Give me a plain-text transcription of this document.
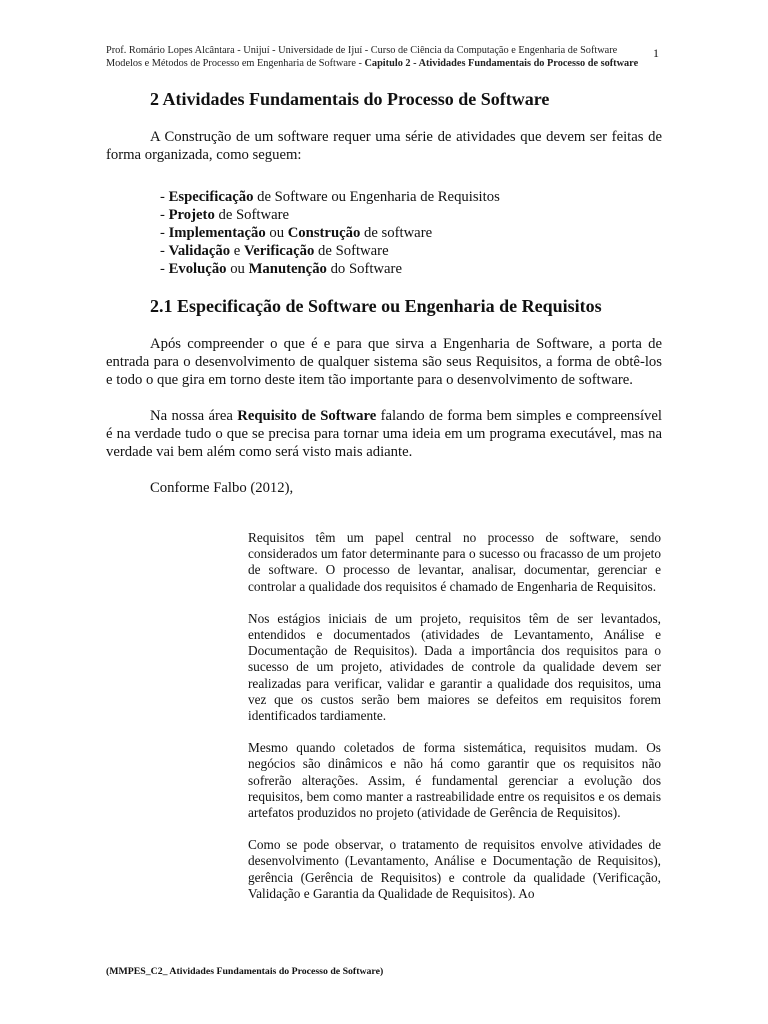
Prof. Romário Lopes Alcântara - Unijuí - Universidade de Ijuí - Curso de Ciência da Computação e Engenharia de Software
Modelos e Métodos de Processo em Engenharia de Software - Capitulo 2 - Atividades Fundamentais do Processo de software
1
2 Atividades Fundamentais do Processo de Software

A Construção de um software requer uma série de atividades que devem ser feitas de forma organizada, como seguem:

- Especificação de Software ou Engenharia de Requisitos
- Projeto de Software
- Implementação ou Construção de software
- Validação e Verificação de Software
- Evolução ou Manutenção do Software
2.1 Especificação de Software ou Engenharia de Requisitos

Após compreender o que é e para que sirva a Engenharia de Software, a porta de entrada para o desenvolvimento de qualquer sistema são seus Requisitos, a forma de obtê-los e todo o que gira em torno deste item tão importante para o desenvolvimento de software.

Na nossa área Requisito de Software falando de forma bem simples e compreensível é na verdade tudo o que se precisa para tornar uma ideia em um programa executável, mas na verdade vai bem além como será visto mais adiante.

Conforme Falbo (2012),

Requisitos têm um papel central no processo de software, sendo considerados um fator determinante para o sucesso ou fracasso de um projeto de software. O processo de levantar, analisar, documentar, gerenciar e controlar a qualidade dos requisitos é chamado de Engenharia de Requisitos.

Nos estágios iniciais de um projeto, requisitos têm de ser levantados, entendidos e documentados (atividades de Levantamento, Análise e Documentação de Requisitos). Dada a importância dos requisitos para o sucesso de um projeto, atividades de controle da qualidade devem ser realizadas para verificar, validar e garantir a qualidade dos requisitos, uma vez que os custos serão bem maiores se defeitos em requisitos forem identificados tardiamente.

Mesmo quando coletados de forma sistemática, requisitos mudam. Os negócios são dinâmicos e não há como garantir que os requisitos não sofrerão alterações. Assim, é fundamental gerenciar a evolução dos requisitos, bem como manter a rastreabilidade entre os requisitos e os demais artefatos produzidos no projeto (atividade de Gerência de Requisitos).

Como se pode observar, o tratamento de requisitos envolve atividades de desenvolvimento (Levantamento, Análise e Documentação de Requisitos), gerência (Gerência de Requisitos) e controle da qualidade (Verificação, Validação e Garantia da Qualidade de Requisitos). Ao

(MMPES_C2_ Atividades Fundamentais do Processo de Software)
